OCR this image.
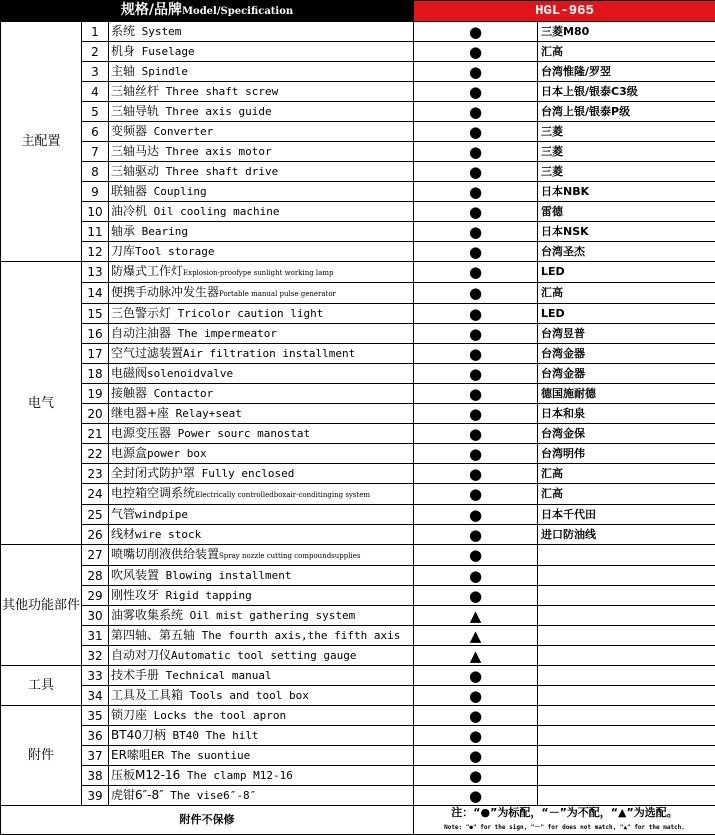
规格/品牌Model/Specification			HGL-965	
主配置	1	系统 System	●	三菱M80
	2	机身 Fuselage	●	汇高
	3	主轴 Spindle	●	台湾惟隆/罗翌
	4	三轴丝杆 Three shaft screw	●	日本上银/银泰C3级
	5	三轴导轨 Three axis guide	●	台湾上银/银泰P级
	6	变频器 Converter	●	三菱
	7	三轴马达 Three axis motor	●	三菱
	8	三轴驱动 Three shaft drive	●	三菱
	9	联轴器 Coupling	●	日本NBK
	10	油冷机 Oil cooling machine	●	雷德
	11	轴承 Bearing	●	日本NSK
	12	刀库Tool storage	●	台湾圣杰
电气	13	防爆式工作灯Explosion-proofype sunlight working lamp	●	LED
	14	便携手动脉冲发生器Portable manual pulse generator	●	汇高
	15	三色警示灯 Tricolor caution light	●	LED
	16	自动注油器 The impermeator	●	台湾昱普
	17	空气过滤装置Air filtration installment	●	台湾金器
	18	电磁阀solenoidvalve	●	台湾金器
	19	接触器 Contactor	●	德国施耐德
	20	继电器+座 Relay+seat	●	日本和泉
	21	电源变压器 Power sourc manostat	●	台湾金保
	22	电源盒power box	●	台湾明伟
	23	全封闭式防护罩 Fully enclosed	●	汇高
	24	电控箱空调系统Electrically controlledboxair-conditinging system	●	汇高
	25	气管windpipe	●	日本千代田
	26	线材wire stock	●	进口防油线
其他功能部件	27	喷嘴切削液供给装置Spray nozzle cutting compoundsupplies	●	
	28	吹风装置 Blowing installment	●	
	29	刚性攻牙 Rigid tapping	●	
	30	油雾收集系统 Oil mist gathering system	▲	
	31	第四轴、第五轴 The fourth axis,the fifth axis	▲	
	32	自动对刀仪Automatic tool setting gauge	▲	
工具	33	技术手册 Technical manual	●	
	34	工具及工具箱 Tools and tool box	●	
附件	35	锁刀座 Locks the tool apron	●	
	36	BT40刀柄 BT40 The hilt	●	
	37	ER嗦咀ER The suontiue	●	
	38	压板M12-16 The clamp M12-16	●	
	39	虎钳6″-8″ The vise6″-8″	●	
附件不保修			注：“●”为标配，“－”为不配，“▲”为选配。
Note: "●" for the sign, "－" for does not match, "▲" for the match.	
